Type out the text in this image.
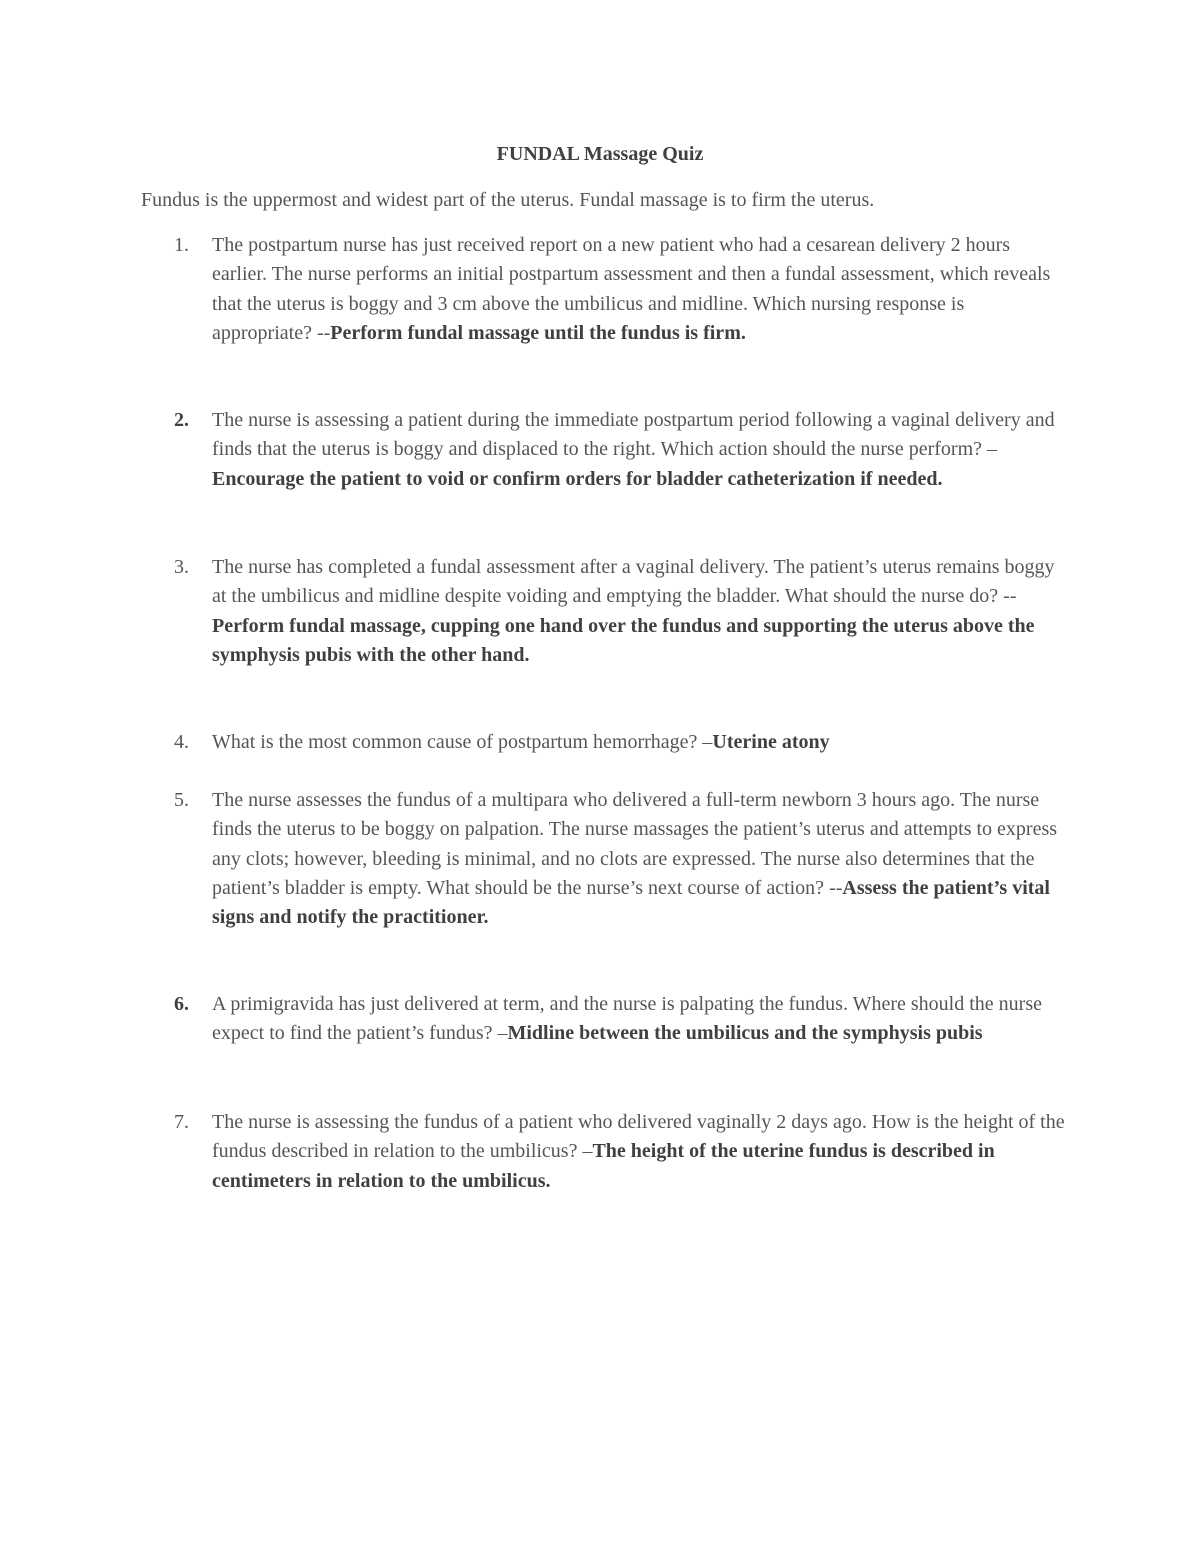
FUNDAL Massage Quiz

Fundus is the uppermost and widest part of the uterus. Fundal massage is to firm the uterus.

1. The postpartum nurse has just received report on a new patient who had a cesarean delivery 2 hours earlier. The nurse performs an initial postpartum assessment and then a fundal assessment, which reveals that the uterus is boggy and 3 cm above the umbilicus and midline. Which nursing response is appropriate? --Perform fundal massage until the fundus is firm.
2. The nurse is assessing a patient during the immediate postpartum period following a vaginal delivery and finds that the uterus is boggy and displaced to the right. Which action should the nurse perform? –Encourage the patient to void or confirm orders for bladder catheterization if needed.
3. The nurse has completed a fundal assessment after a vaginal delivery. The patient’s uterus remains boggy at the umbilicus and midline despite voiding and emptying the bladder. What should the nurse do? --Perform fundal massage, cupping one hand over the fundus and supporting the uterus above the symphysis pubis with the other hand.
4. What is the most common cause of postpartum hemorrhage? –Uterine atony
5. The nurse assesses the fundus of a multipara who delivered a full-term newborn 3 hours ago. The nurse finds the uterus to be boggy on palpation. The nurse massages the patient’s uterus and attempts to express any clots; however, bleeding is minimal, and no clots are expressed. The nurse also determines that the patient’s bladder is empty. What should be the nurse’s next course of action? --Assess the patient’s vital signs and notify the practitioner.
6. A primigravida has just delivered at term, and the nurse is palpating the fundus. Where should the nurse expect to find the patient’s fundus? –Midline between the umbilicus and the symphysis pubis
7. The nurse is assessing the fundus of a patient who delivered vaginally 2 days ago. How is the height of the fundus described in relation to the umbilicus? –The height of the uterine fundus is described in centimeters in relation to the umbilicus.
